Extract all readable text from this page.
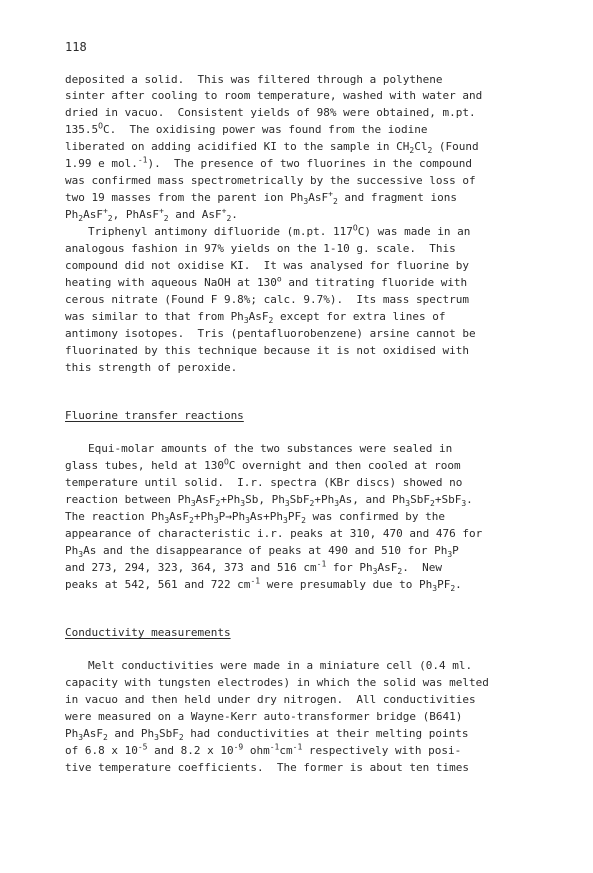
118
deposited a solid.  This was filtered through a polythene
sinter after cooling to room temperature, washed with water and
dried in vacuo.  Consistent yields of 98% were obtained, m.pt.
$135.5^OC$.  The oxidising power was found from the iodine
liberated on adding acidified KI to the sample in $CH_2Cl_2$ (Found
1.99 e mol.$^{-1}$).  The presence of two fluorines in the compound
was confirmed mass spectrometrically by the successive loss of
two 19 masses from the parent ion $Ph_3AsF^+_2$ and fragment ions
$Ph_2AsF^+_2$, PhAsF+$_2$ and AsF+$_2$.
Triphenyl antimony difluoride (m.pt. $117^OC$) was made in an
analogous fashion in 97% yields on the 1-10 g. scale.  This
compound did not oxidise KI.  It was analysed for fluorine by
heating with aqueous NaOH at 130$^o$ and titrating fluoride with
cerous nitrate (Found F 9.8%; calc. 9.7%).  Its mass spectrum
was similar to that from $Ph_3AsF_2$ except for extra lines of
antimony isotopes.  Tris (pentafluorobenzene) arsine cannot be
fluorinated by this technique because it is not oxidised with
this strength of peroxide.
Fluorine transfer reactions
Equi-molar amounts of the two substances were sealed in
glass tubes, held at $130^OC$ overnight and then cooled at room
temperature until solid.  I.r. spectra (KBr discs) showed no
reaction between $Ph_3AsF_2+Ph_3Sb$, $Ph_3SbF_2+Ph_3As$, and $Ph_3SbF_2+SbF_3$.
The reaction $Ph_3AsF_2+Ph_3P\to Ph_3As+Ph_3PF_2$ was confirmed by the
appearance of characteristic i.r. peaks at 310, 470 and 476 for
$Ph_3As$ and the disappearance of peaks at 490 and 510 for $Ph_3P$
and 273, 294, 323, 364, 373 and 516 $cm^{-1}$ for $Ph_3AsF_2$.  New
peaks at 542, 561 and 722 $cm^{-1}$ were presumably due to $Ph_3PF_2$.
Conductivity measurements
Melt conductivities were made in a miniature cell (0.4 ml.
capacity with tungsten electrodes) in which the solid was melted
in vacuo and then held under dry nitrogen.  All conductivities
were measured on a Wayne-Kerr auto-transformer bridge (B641)
$Ph_3AsF_2$ and $Ph_3SbF_2$ had conductivities at their melting points
of 6.8 x $10^{-5}$ and 8.2 x $10^{-9}$ $ohm^{-1}cm^{-1}$ respectively with posi-
tive temperature coefficients.  The former is about ten times
